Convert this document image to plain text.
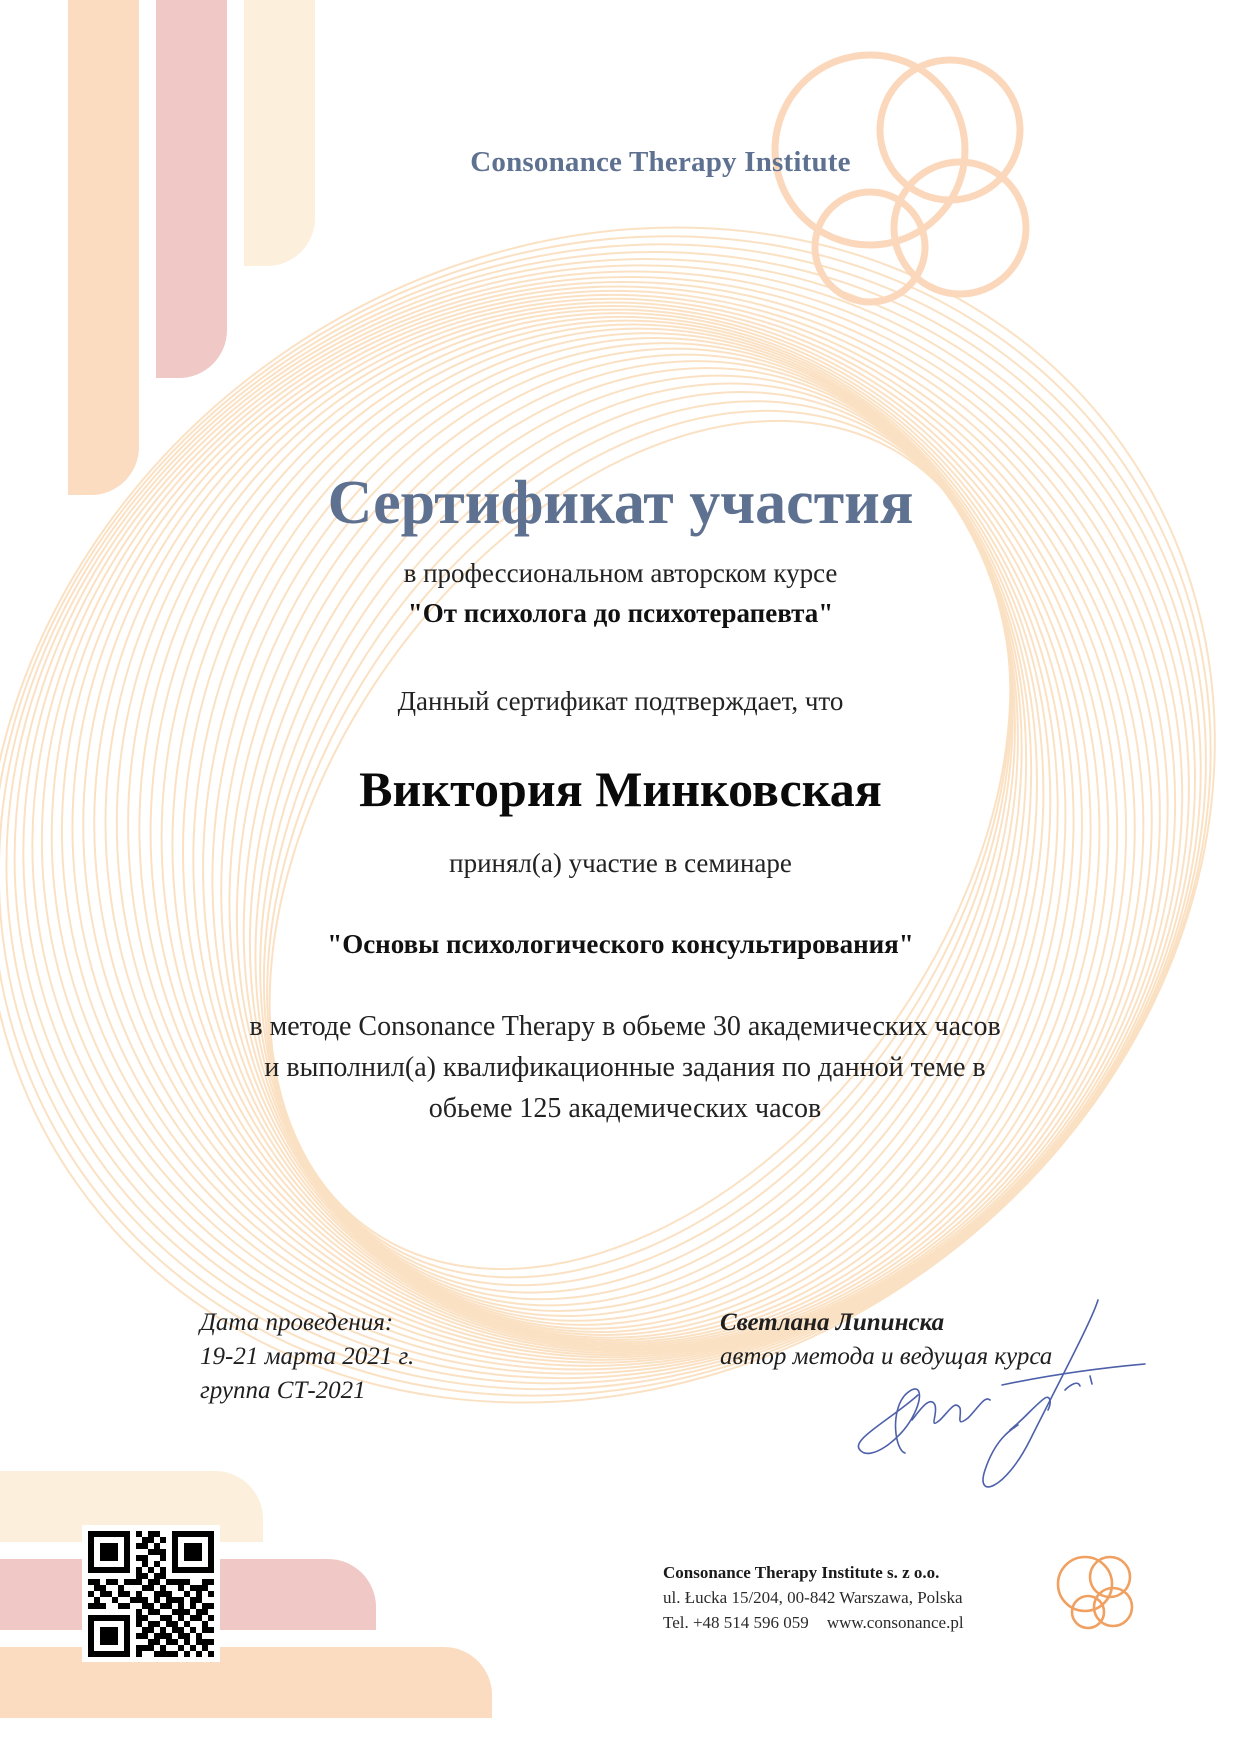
Consonance Therapy Institute
Сертификат участия
в профессиональном авторском курсе
"От психолога до психотерапевта"
Данный сертификат подтверждает, что
Виктория Минковская
принял(а) участие в семинаре
"Основы психологического консультирования"
в методе Consonance Therapy в обьеме 30 академических часов
и выполнил(а) квалификационные задания по данной теме в
обьеме 125 академических часов
Дата проведения:
19-21 марта 2021 г.
группа СТ-2021
Светлана Липинска
автор метода и ведущая курса
Consonance Therapy Institute s. z o.o.
ul. Łucka 15/204, 00-842 Warszawa, Polska
Tel. +48 514 596 059 www.consonance.pl
